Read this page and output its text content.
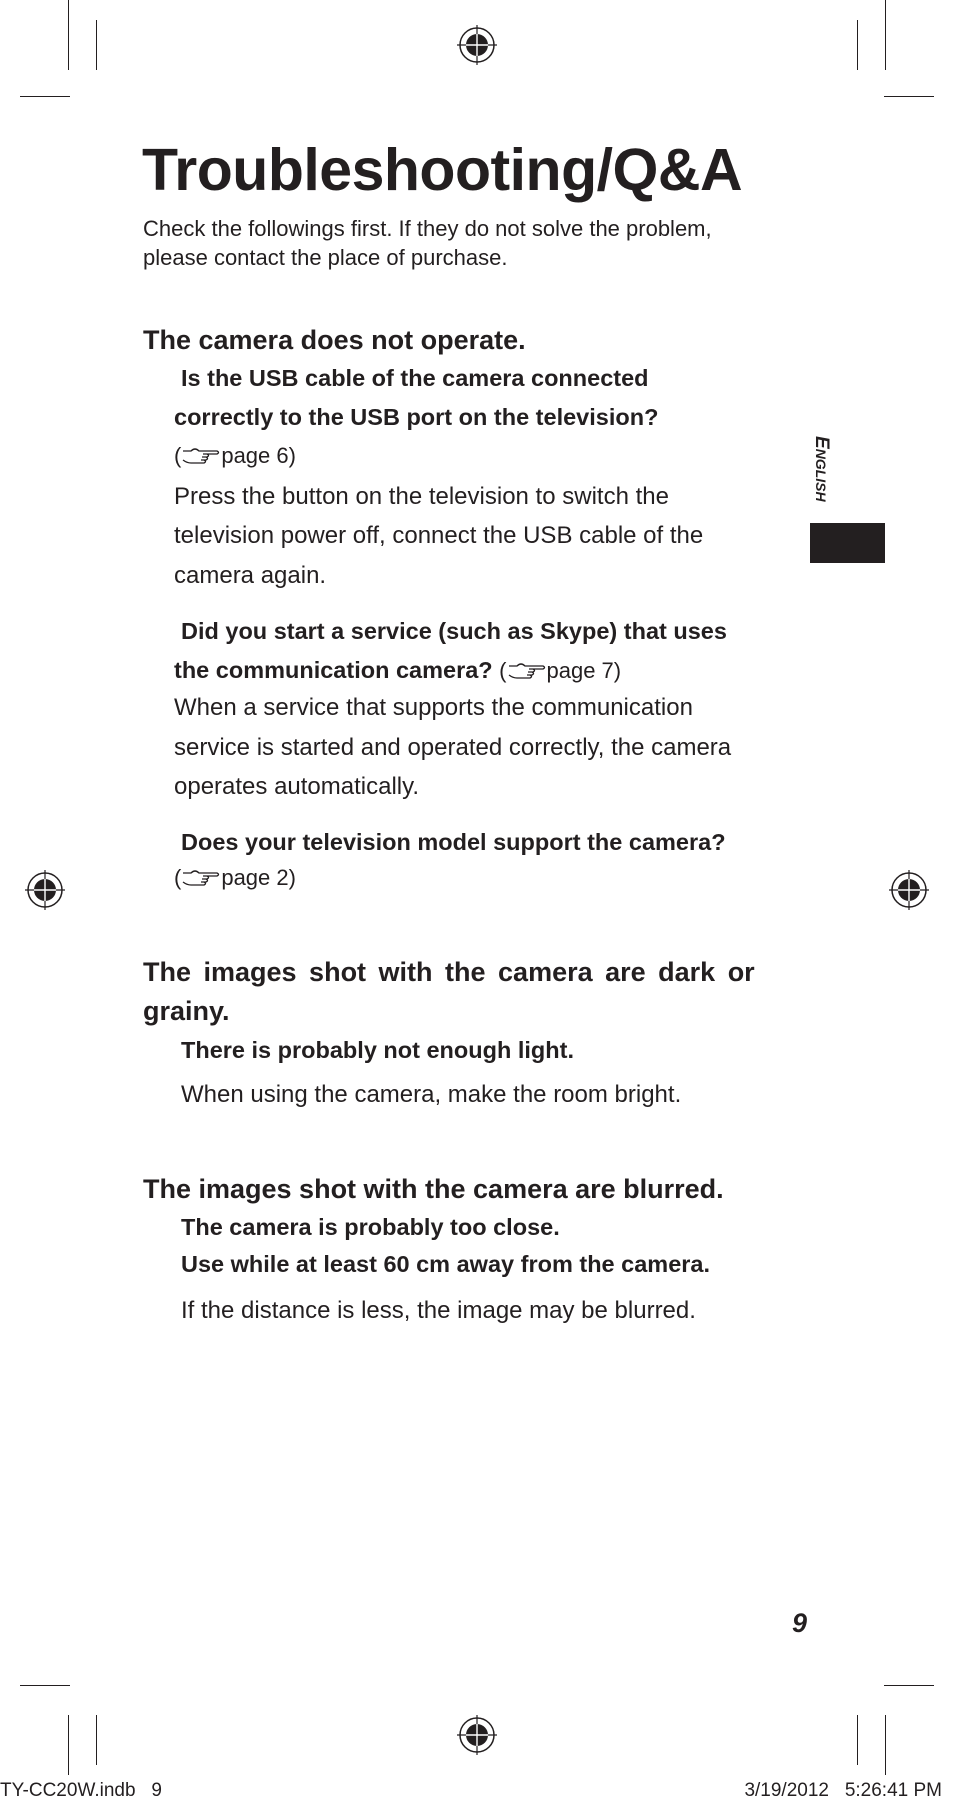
Troubleshooting/Q&A
Check the followings first. If they do not solve the problem,
please contact the place of purchase.
The camera does not operate.
Is the USB cable of the camera connected
correctly to the USB port on the television?
( page 6)
Press the button on the television to switch the
television power off, connect the USB cable of the
camera again.
Did you start a service (such as Skype) that uses
the communication camera? ( page 7)
When a service that supports the communication
service is started and operated correctly, the camera
operates automatically.
Does your television model support the camera?
( page 2)
The images shot with the camera are dark or
grainy.
There is probably not enough light.
When using the camera, make the room bright.
The images shot with the camera are blurred.
The camera is probably too close.
Use while at least 60 cm away from the camera.
If the distance is less, the image may be blurred.
ENGLISH
9
TY-CC20W.indb   9	3/19/2012   5:26:41 PM
